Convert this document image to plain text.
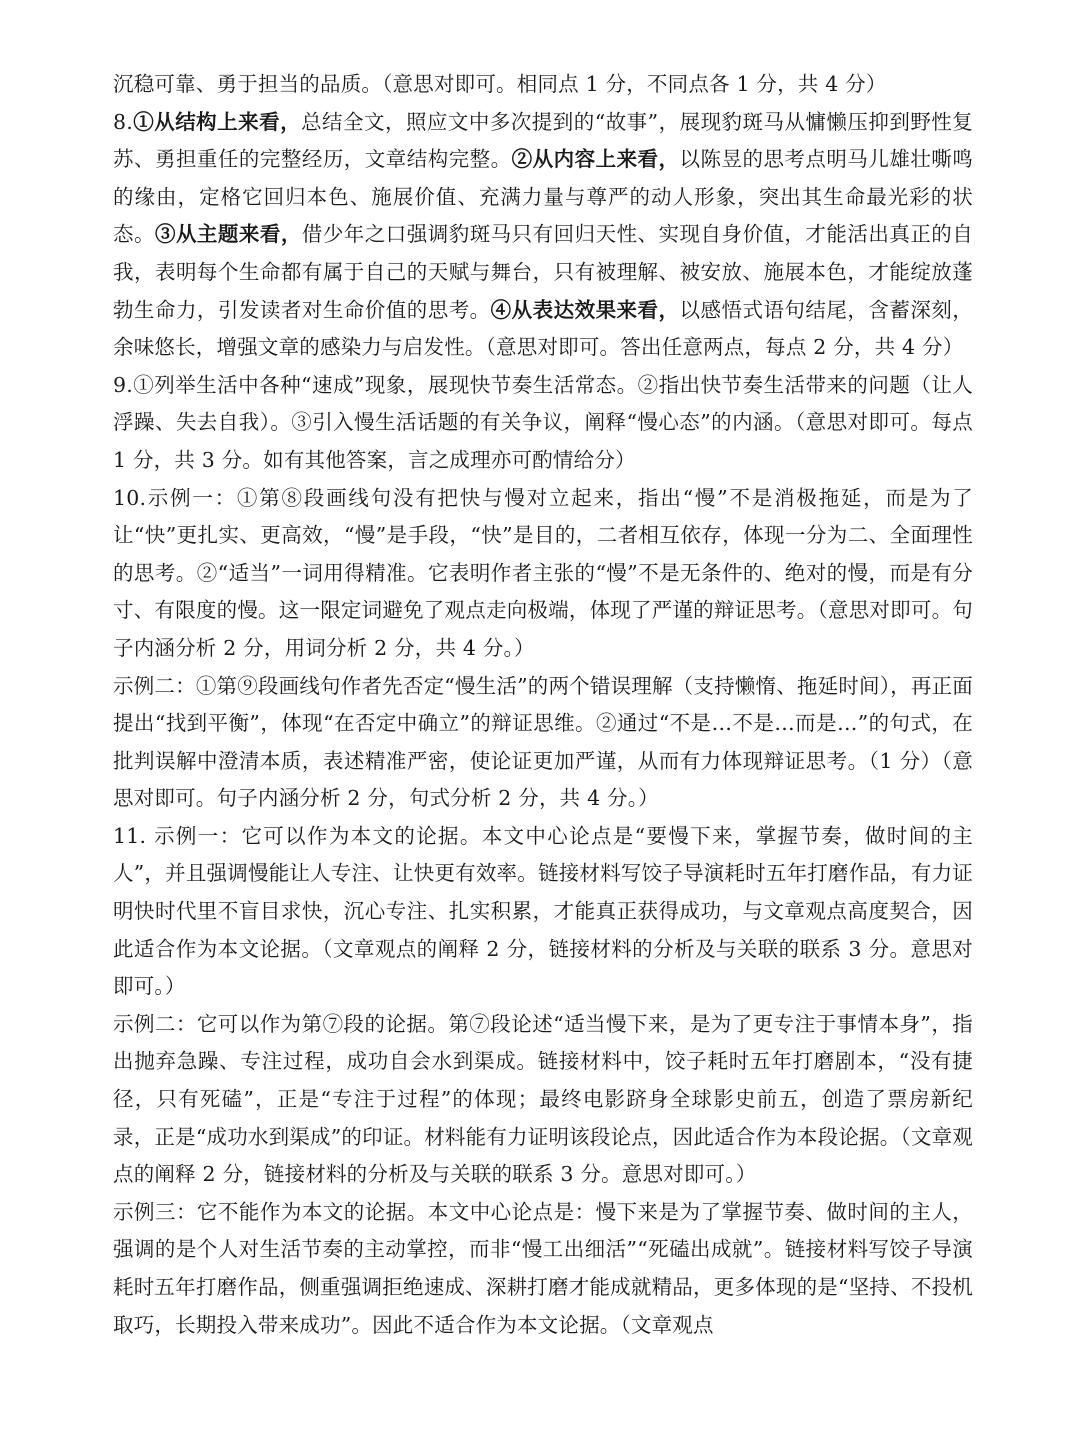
沉稳可靠、勇于担当的品质。（意思对即可。相同点 1 分，不同点各 1 分，共 4 分）

8.①从结构上来看，总结全文，照应文中多次提到的“故事”，展现豹斑马从慵懒压抑到野性复苏、勇担重任的完整经历，文章结构完整。②从内容上来看，以陈昱的思考点明马儿雄壮嘶鸣的缘由，定格它回归本色、施展价值、充满力量与尊严的动人形象，突出其生命最光彩的状态。③从主题来看，借少年之口强调豹斑马只有回归天性、实现自身价值，才能活出真正的自我，表明每个生命都有属于自己的天赋与舞台，只有被理解、被安放、施展本色，才能绽放蓬勃生命力，引发读者对生命价值的思考。④从表达效果来看，以感悟式语句结尾，含蓄深刻，余味悠长，增强文章的感染力与启发性。（意思对即可。答出任意两点，每点 2 分，共 4 分）

9.①列举生活中各种“速成”现象，展现快节奏生活常态。②指出快节奏生活带来的问题（让人浮躁、失去自我）。③引入慢生活话题的有关争议，阐释“慢心态”的内涵。（意思对即可。每点 1 分，共 3 分。如有其他答案，言之成理亦可酌情给分）

10.示例一：①第⑧段画线句没有把快与慢对立起来，指出“慢”不是消极拖延，而是为了让“快”更扎实、更高效，“慢”是手段，“快”是目的，二者相互依存，体现一分为二、全面理性的思考。②“适当”一词用得精准。它表明作者主张的“慢”不是无条件的、绝对的慢，而是有分寸、有限度的慢。这一限定词避免了观点走向极端，体现了严谨的辩证思考。（意思对即可。句子内涵分析 2 分，用词分析 2 分，共 4 分。）

示例二：①第⑨段画线句作者先否定“慢生活”的两个错误理解（支持懒惰、拖延时间），再正面提出“找到平衡”，体现“在否定中确立”的辩证思维。②通过“不是…不是…而是…”的句式，在批判误解中澄清本质，表述精准严密，使论证更加严谨，从而有力体现辩证思考。（1 分）（意思对即可。句子内涵分析 2 分，句式分析 2 分，共 4 分。）

11. 示例一：它可以作为本文的论据。本文中心论点是“要慢下来，掌握节奏，做时间的主人”，并且强调慢能让人专注、让快更有效率。链接材料写饺子导演耗时五年打磨作品，有力证明快时代里不盲目求快，沉心专注、扎实积累，才能真正获得成功，与文章观点高度契合，因此适合作为本文论据。（文章观点的阐释 2 分，链接材料的分析及与关联的联系 3 分。意思对即可。）

示例二：它可以作为第⑦段的论据。第⑦段论述“适当慢下来，是为了更专注于事情本身”，指出抛弃急躁、专注过程，成功自会水到渠成。链接材料中，饺子耗时五年打磨剧本，“没有捷径，只有死磕”，正是“专注于过程”的体现；最终电影跻身全球影史前五，创造了票房新纪录，正是“成功水到渠成”的印证。材料能有力证明该段论点，因此适合作为本段论据。（文章观点的阐释 2 分，链接材料的分析及与关联的联系 3 分。意思对即可。）

示例三：它不能作为本文的论据。本文中心论点是：慢下来是为了掌握节奏、做时间的主人，强调的是个人对生活节奏的主动掌控，而非“慢工出细活”“死磕出成就”。链接材料写饺子导演耗时五年打磨作品，侧重强调拒绝速成、深耕打磨才能成就精品，更多体现的是“坚持、不投机取巧，长期投入带来成功”。因此不适合作为本文论据。（文章观点
